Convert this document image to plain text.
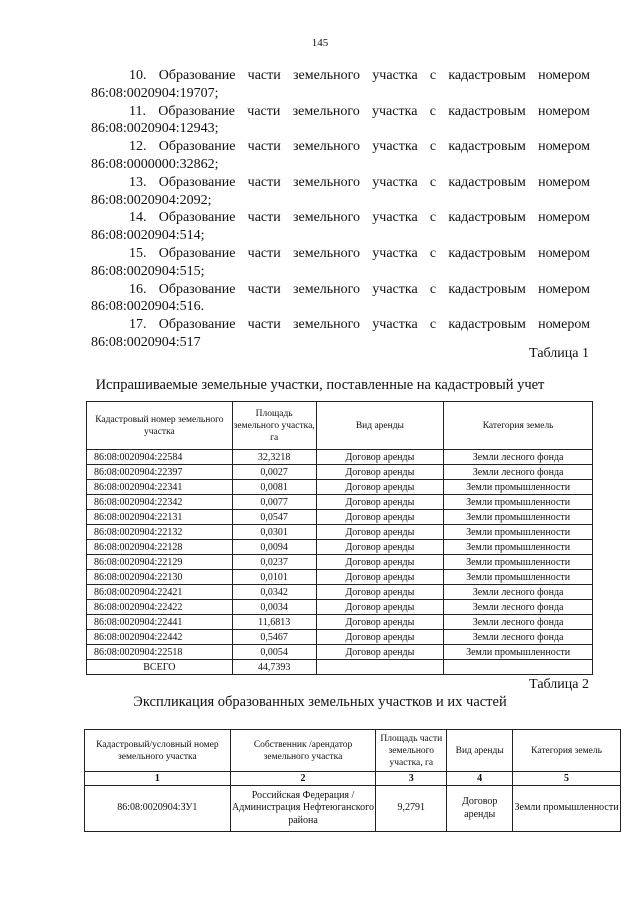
145
10. Образование части земельного участка с кадастровым номером
86:08:0020904:19707;
11. Образование части земельного участка с кадастровым номером
86:08:0020904:12943;
12. Образование части земельного участка с кадастровым номером
86:08:0000000:32862;
13. Образование части земельного участка с кадастровым номером
86:08:0020904:2092;
14. Образование части земельного участка с кадастровым номером
86:08:0020904:514;
15. Образование части земельного участка с кадастровым номером
86:08:0020904:515;
16. Образование части земельного участка с кадастровым номером
86:08:0020904:516.
17. Образование части земельного участка с кадастровым номером
86:08:0020904:517
Таблица 1
Испрашиваемые земельные участки, поставленные на кадастровый учет
Кадастровый номер земельного участка	Площадь земельного участка, га	Вид аренды	Категория земель
86:08:0020904:22584	32,3218	Договор аренды	Земли лесного фонда
86:08:0020904:22397	0,0027	Договор аренды	Земли лесного фонда
86:08:0020904:22341	0,0081	Договор аренды	Земли промышленности
86:08:0020904:22342	0,0077	Договор аренды	Земли промышленности
86:08:0020904:22131	0,0547	Договор аренды	Земли промышленности
86:08:0020904:22132	0,0301	Договор аренды	Земли промышленности
86:08:0020904:22128	0,0094	Договор аренды	Земли промышленности
86:08:0020904:22129	0,0237	Договор аренды	Земли промышленности
86:08:0020904:22130	0,0101	Договор аренды	Земли промышленности
86:08:0020904:22421	0,0342	Договор аренды	Земли лесного фонда
86:08:0020904:22422	0,0034	Договор аренды	Земли лесного фонда
86:08:0020904:22441	11,6813	Договор аренды	Земли лесного фонда
86:08:0020904:22442	0,5467	Договор аренды	Земли лесного фонда
86:08:0020904:22518	0,0054	Договор аренды	Земли промышленности
ВСЕГО	44,7393		
Таблица 2
Экспликация образованных земельных участков и их частей
Кадастровый/условный номер земельного участка	Собственник /арендатор земельного участка	Площадь части земельного участка, га	Вид аренды	Категория земель
1	2	3	4	5
86:08:0020904:ЗУ1	Российская Федерация /Администрация Нефтеюганского района	9,2791	Договор аренды	Земли промышленности
